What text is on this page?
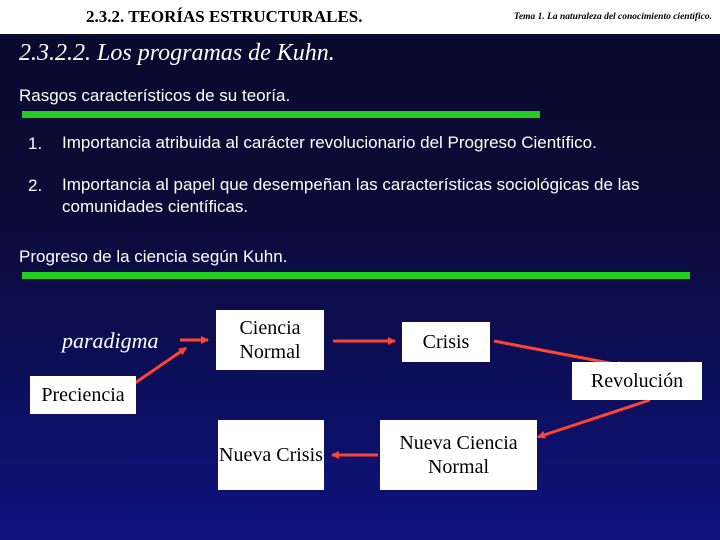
2.3.2. TEORÍAS ESTRUCTURALES.	Tema 1. La naturaleza del conocimiento científico.
2.3.2.2. Los programas de Kuhn.
Rasgos característicos de su teoría.
1. Importancia atribuida al carácter revolucionario del Progreso Científico.
2. Importancia al papel que desempeñan las características sociológicas de las comunidades científicas.
Progreso de la ciencia según Kuhn.
paradigma	Ciencia Normal	Crisis
Preciencia
Revolución
Nueva Crisis
Nueva Ciencia Normal
